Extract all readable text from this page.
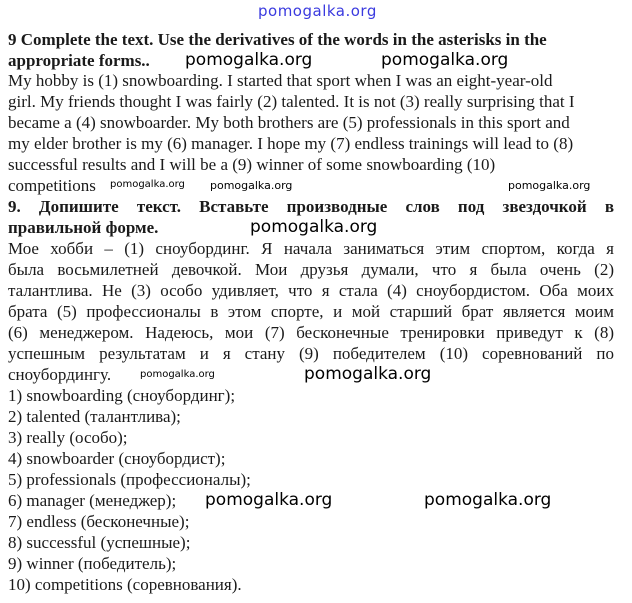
pomogalka.org
9 Complete the text. Use the derivatives of the words in the asterisks in the
appropriate forms..
My hobby is (1) snowboarding. I started that sport when I was an eight-year-old
girl. My friends thought I was fairly (2) talented. It is not (3) really surprising that I
became a (4) snowboarder. My both brothers are (5) professionals in this sport and
my elder brother is my (6) manager. I hope my (7) endless trainings will lead to (8)
successful results and I will be a (9) winner of some snowboarding (10)
competitions
9. Допишите текст. Вставьте производные слов под звездочкой в
правильной форме.
Мое хобби – (1) сноубординг. Я начала заниматься этим спортом, когда я
была восьмилетней девочкой. Мои друзья думали, что я была очень (2)
талантлива. Не (3) особо удивляет, что я стала (4) сноубордистом. Оба моих
брата (5) профессионалы в этом спорте, и мой старший брат является моим
(6) менеджером. Надеюсь, мои (7) бесконечные тренировки приведут к (8)
успешным результатам и я стану (9) победителем (10) соревнований по
сноубордингу.
1) snowboarding (сноубординг);
2) talented (талантлива);
3) really (особо);
4) snowboarder (сноубордист);
5) professionals (профессионалы);
6) manager (менеджер);
7) endless (бесконечные);
8) successful (успешные);
9) winner (победитель);
10) competitions (соревнования).
pomogalka.org	pomogalka.org
pomogalka.org	pomogalka.org
pomogalka.org
pomogalka.org
pomogalka.org
pomogalka.org
pomogalka.org	pomogalka.org
